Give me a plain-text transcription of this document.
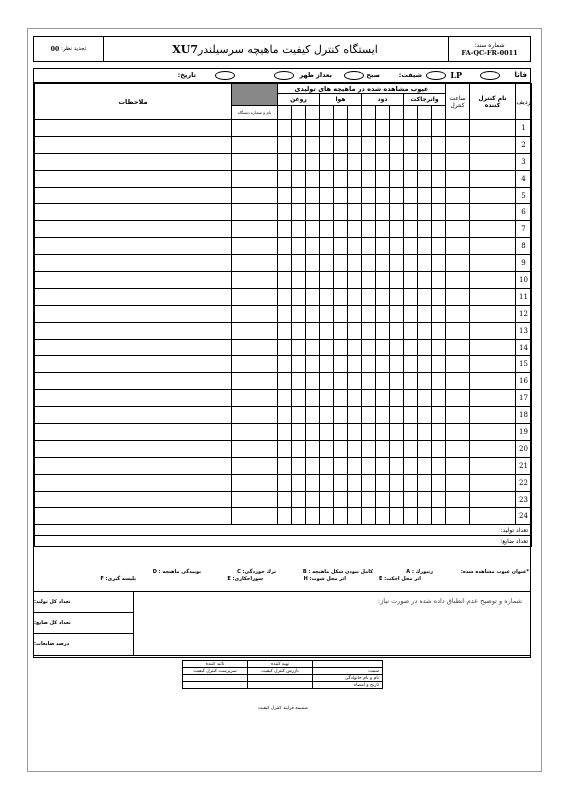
شماره سند:
FA-QC-FR-0011
ایستگاه کنترل کیفیت ماهیچه سرسیلندر
XU7
تجدید نظر:
00
فاتا
LP
شیفت:
صبح
بعداز ظهر
تاریخ:
ردیف	نام کنترل کننده	ساعت کنترل	عیوب مشاهده شده در ماهیچه های تولیدی													ملاحظات
			واترجاکت			دود			هوا			روغن				
															نام و شماره دستگاه	
1																
2																
3																
4																
5																
6																
7																
8																
9																
10																
11																
12																
13																
14																
15																
16																
17																
18																
19																
20																
21																
22																
23																
24																
تعداد تولید:																
تعداد ضایع:																
*عنوان عیوب مشاهده شده:
زنبورك : A
کامل نبودن شکل ماهیچه : B
ترك خوردگی: C
بوبیدگی ماهیچه : D
اثر محل اجکت: E
اثر محل شوت: H
سوراخکاری: E
پلیسه گیری: F
شماره و توضیح عدم انطباق داده شده در صورت نیاز:
تعداد کل تولید:
تعداد کل ضایع:
درصد ضایعات:
	تهیه کننده	تائید کننده
سمت	بازرس کنترل کیفیت	سرپرست کنترل کیفیت
نام و نام خانوادگی		
تاریخ و امضاء		
ضمیمه فرایند کنترل کیفیت
